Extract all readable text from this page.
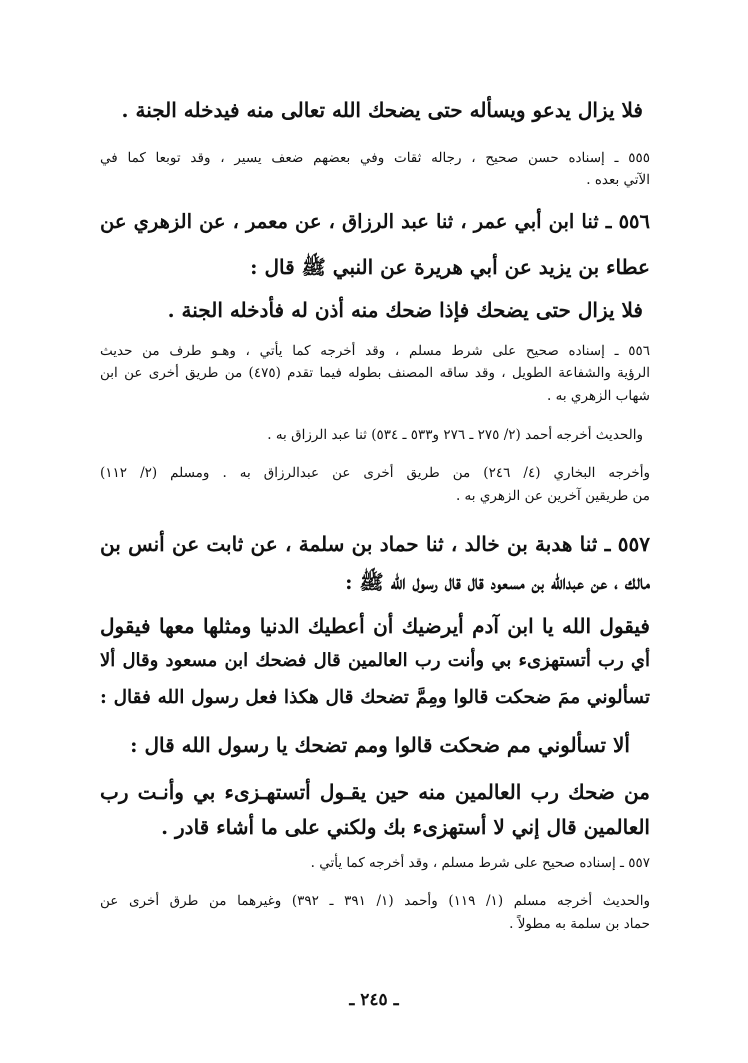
فلا يزال يدعو ويسأله حتى يضحك الله تعالى منه فيدخله الجنة .
٥٥٥ ـ إسناده حسن صحيح ، رجاله ثقات وفي بعضهم ضعف يسير ، وقد توبعا كما في
الآتي بعده .
٥٥٦ ـ ثنا ابن أبي عمر ، ثنا عبد الرزاق ، عن معمر ، عن الزهري عن
عطاء بن يزيد عن أبي هريرة عن النبي ﷺ قال :
فلا يزال حتى يضحك فإذا ضحك منه أذن له فأدخله الجنة .
٥٥٦ ـ إسناده صحيح على شرط مسلم ، وقد أخرجه كما يأتي ، وهـو طرف من حديث
الرؤية والشفاعة الطويل ، وقد ساقه المصنف بطوله فيما تقدم (٤٧٥) من طريق أخرى عن ابن
شهاب الزهري به .
والحديث أخرجه أحمد (٢/ ٢٧٥ ـ ٢٧٦ و٥٣٣ ـ ٥٣٤) ثنا عبد الرزاق به .
وأخرجه البخاري (٤/ ٢٤٦) من طريق أخرى عن عبدالرزاق به . ومسلم (٢/ ١١٢)
من طريقين آخرين عن الزهري به .
٥٥٧ ـ ثنا هدبة بن خالد ، ثنا حماد بن سلمة ، عن ثابت عن أنس بن
مالك ، عن عبدالله بن مسعود قال قال رسول الله ﷺ :
فيقول الله يا ابن آدم أيرضيك أن أعطيك الدنيا ومثلها معها فيقول
أي رب أتستهزىء بي وأنت رب العالمين قال فضحك ابن مسعود وقال ألا
تسألوني ممَ ضحكت قالوا ومِمَّ تضحك قال هكذا فعل رسول الله فقال :
ألا تسألوني مم ضحكت قالوا ومم تضحك يا رسول الله قال :
من ضحك رب العالمين منه حين يقـول أتستهـزىء بي وأنـت رب
العالمين قال إني لا أستهزىء بك ولكني على ما أشاء قادر .
٥٥٧ ـ إسناده صحيح على شرط مسلم ، وقد أخرجه كما يأتي .
والحديث أخرجه مسلم (١/ ١١٩) وأحمد (١/ ٣٩١ ـ ٣٩٢) وغيرهما من طرق أخرى عن
حماد بن سلمة به مطولاً .
ـ ٢٤٥ ـ
